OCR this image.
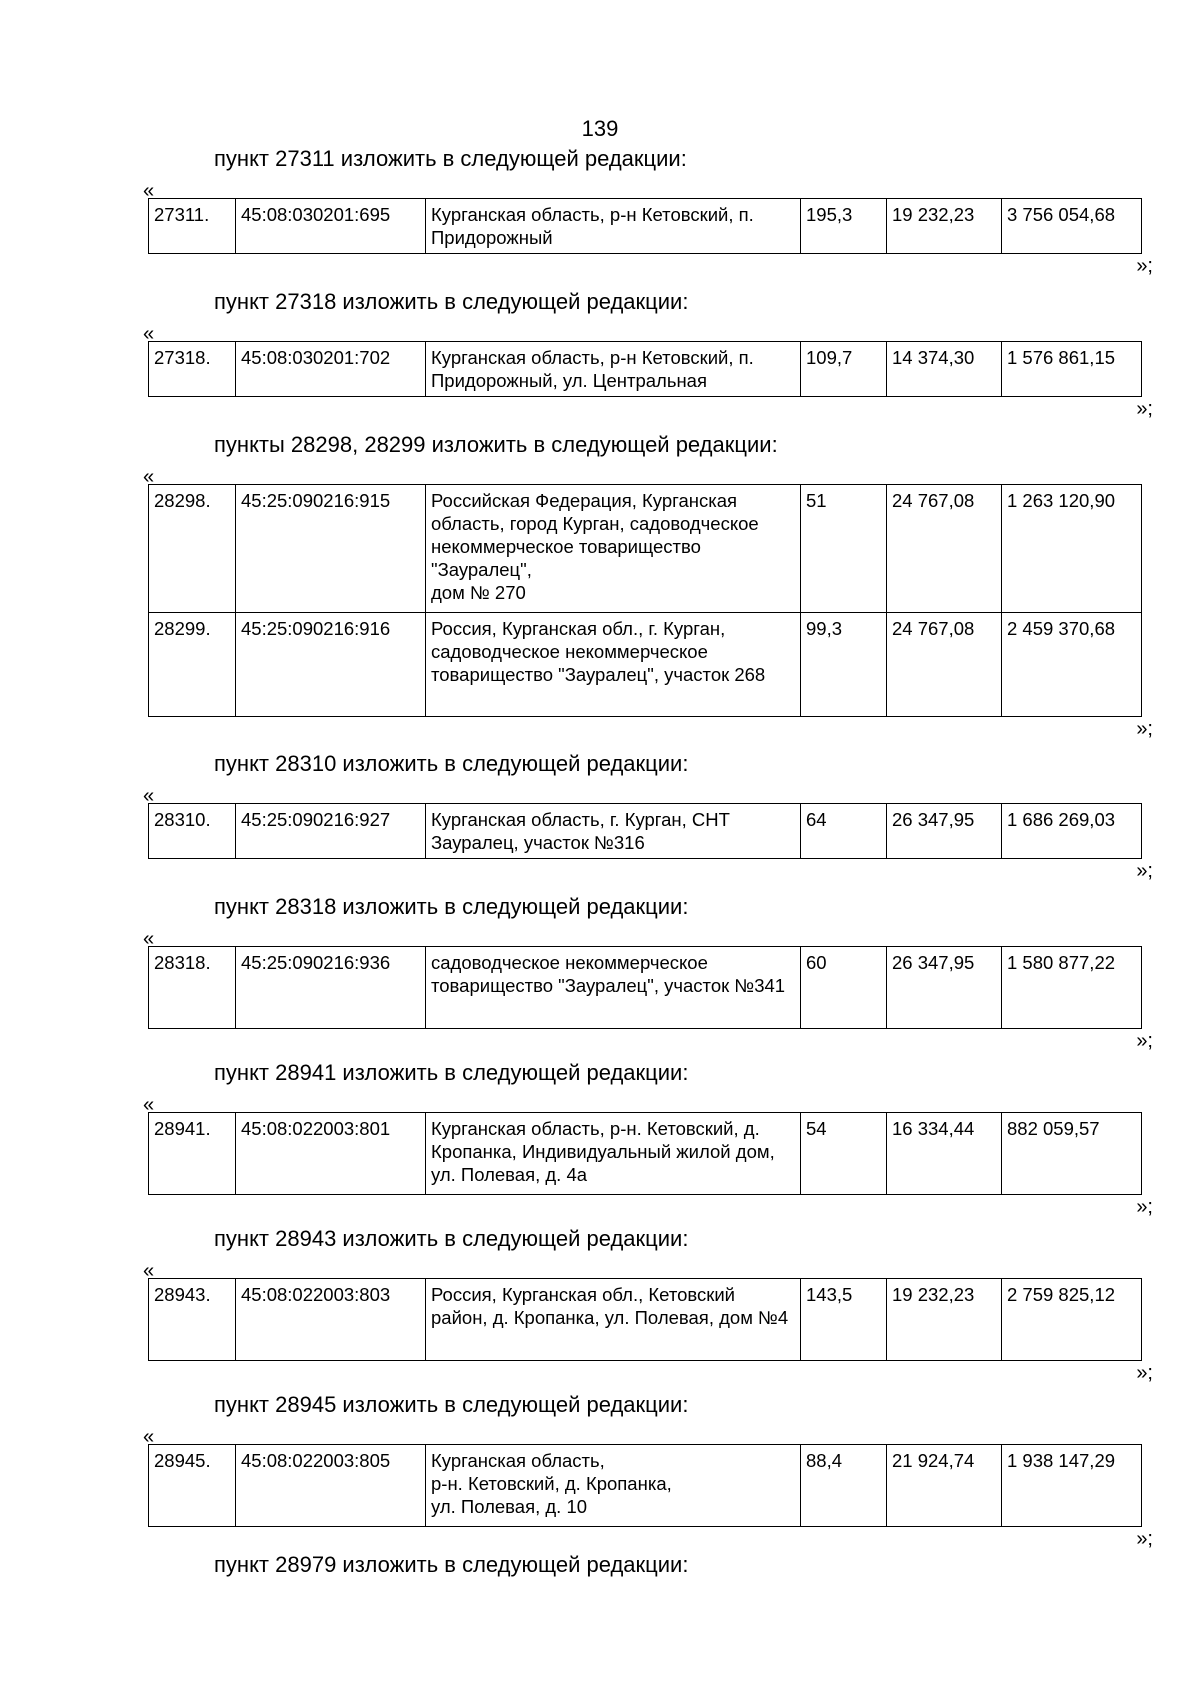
139
пункт 27311 изложить в следующей редакции:
«
27311.	45:08:030201:695	Курганская область, р-н Кетовский, п. Придорожный	195,3	19 232,23	3 756 054,68
»;
пункт 27318 изложить в следующей редакции:
«
27318.	45:08:030201:702	Курганская область, р-н Кетовский, п. Придорожный, ул. Центральная	109,7	14 374,30	1 576 861,15
»;
пункты 28298, 28299 изложить в следующей редакции:
«
28298.	45:25:090216:915	Российская Федерация, Курганская область, город Курган, садоводческое некоммерческое товарищество "Зауралец",
дом № 270	51	24 767,08	1 263 120,90
28299.	45:25:090216:916	Россия, Курганская обл., г. Курган, садоводческое некоммерческое товарищество "Зауралец", участок 268	99,3	24 767,08	2 459 370,68
»;
пункт 28310 изложить в следующей редакции:
«
28310.	45:25:090216:927	Курганская область, г. Курган, СНТ Зауралец, участок №316	64	26 347,95	1 686 269,03
»;
пункт 28318 изложить в следующей редакции:
«
28318.	45:25:090216:936	садоводческое некоммерческое товарищество "Зауралец", участок №341	60	26 347,95	1 580 877,22
»;
пункт 28941 изложить в следующей редакции:
«
28941.	45:08:022003:801	Курганская область, р-н. Кетовский, д. Кропанка, Индивидуальный жилой дом, ул. Полевая, д. 4а	54	16 334,44	882 059,57
»;
пункт 28943 изложить в следующей редакции:
«
28943.	45:08:022003:803	Россия, Курганская обл., Кетовский район, д. Кропанка, ул. Полевая, дом №4	143,5	19 232,23	2 759 825,12
»;
пункт 28945 изложить в следующей редакции:
«
28945.	45:08:022003:805	Курганская область,
р-н. Кетовский, д. Кропанка,
ул. Полевая, д. 10	88,4	21 924,74	1 938 147,29
»;
пункт 28979 изложить в следующей редакции:
